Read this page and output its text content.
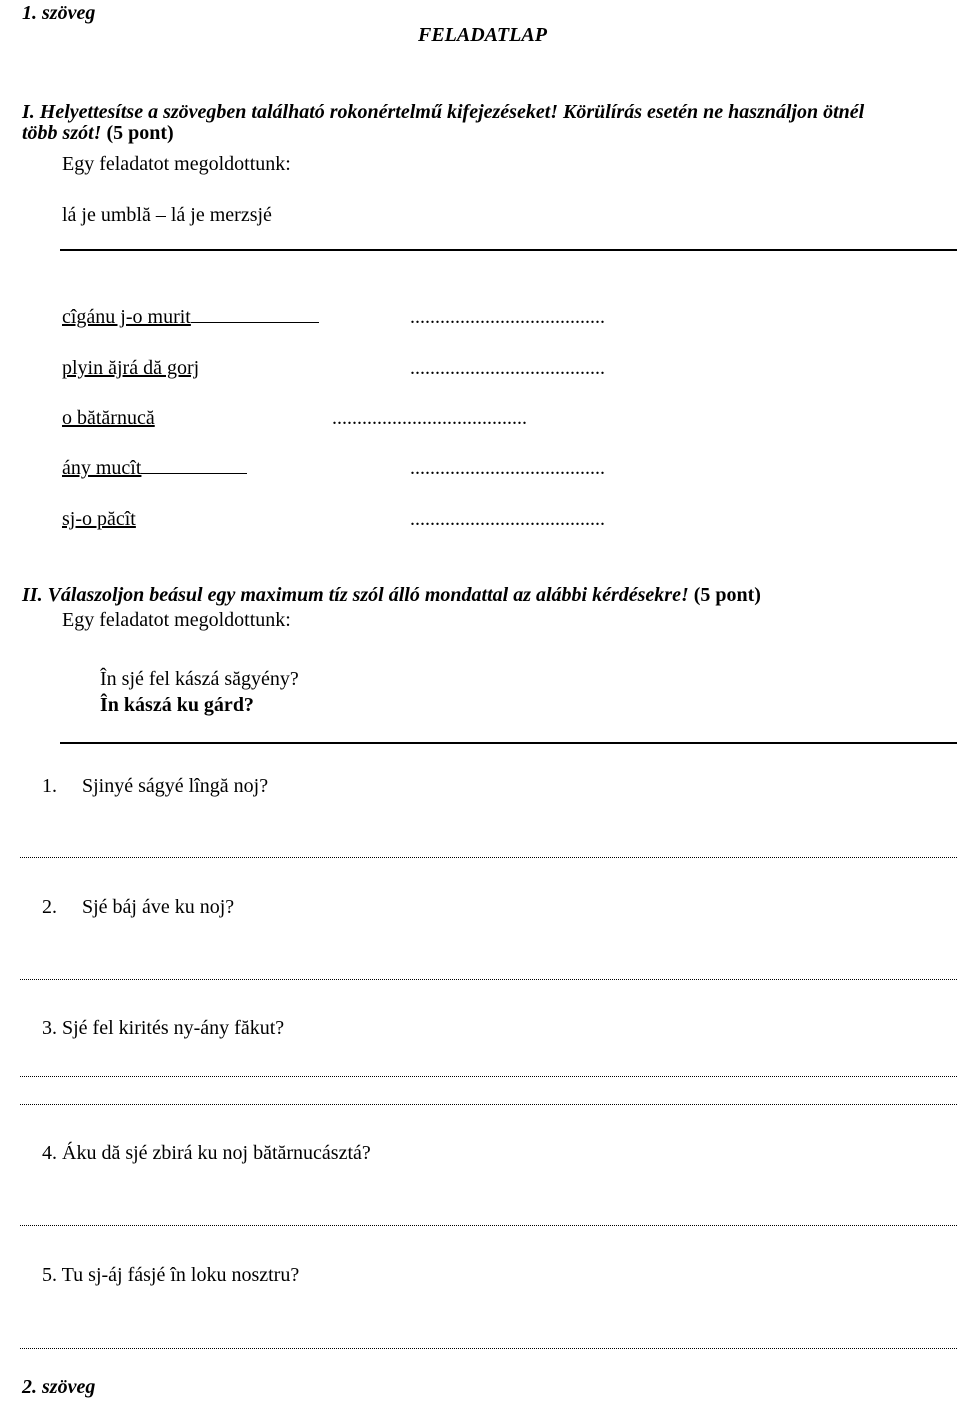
1. szöveg
FELADATLAP
I. Helyettesítse a szövegben található rokonértelmű kifejezéseket! Körülírás esetén ne használjon ötnél
több szót! (5 pont)
Egy feladatot megoldottunk:
lá je umblă – lá je merzsjé
cîgánu j-o murit	.......................................
plyin ăjrá dă gorj	.......................................
o bătărnucă	.......................................
ány mucît	.......................................
sj-o păcît	.......................................
II. Válaszoljon beásul egy maximum tíz szól álló mondattal az alábbi kérdésekre! (5 pont)
Egy feladatot megoldottunk:
În sjé fel kászá săgyény?
În kászá ku gárd?
1. Sjinyé ságyé lîngă noj?
2. Sjé báj áve ku noj?
3. Sjé fel kirités ny-ány făkut?
4. Áku dă sjé zbirá ku noj bătărnucásztá?
5. Tu sj-áj fásjé în loku nosztru?
2. szöveg
